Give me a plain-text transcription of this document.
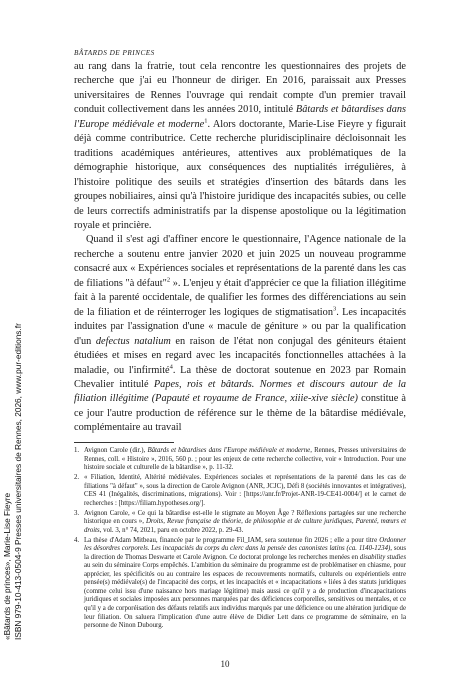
BÂTARDS DE PRINCES

au rang dans la fratrie, tout cela rencontre les questionnaires des projets de recherche que j'ai eu l'honneur de diriger. En 2016, paraissait aux Presses universitaires de Rennes l'ouvrage qui rendait compte d'un premier travail conduit collectivement dans les années 2010, intitulé Bâtards et bâtardises dans l'Europe médiévale et moderne$^1$. Alors doctorante, Marie-Lise Fieyre y figurait déjà comme contributrice. Cette recherche pluridisciplinaire décloisonnait les traditions académiques antérieures, attentives aux problématiques de la démographie historique, aux conséquences des nuptialités irrégulières, à l'histoire politique des seuils et stratégies d'insertion des bâtards dans les groupes nobiliaires, ainsi qu'à l'histoire juridique des incapacités subies, ou celle de leurs correctifs administratifs par la dispense apostolique ou la légitimation royale et princière.

Quand il s'est agi d'affiner encore le questionnaire, l'Agence nationale de la recherche a soutenu entre janvier 2020 et juin 2025 un nouveau programme consacré aux « Expériences sociales et représentations de la parenté dans les cas de filiations "à défaut"$^2$ ». L'enjeu y était d'apprécier ce que la filiation illégitime fait à la parenté occidentale, de qualifier les formes des différenciations au sein de la filiation et de réinterroger les logiques de stigmatisation$^3$. Les incapacités induites par l'assignation d'une « macule de géniture » ou par la qualification d'un defectus natalium en raison de l'état non conjugal des géniteurs étaient étudiées et mises en regard avec les incapacités fonctionnelles attachées à la maladie, ou l'infirmité$^4$. La thèse de doctorat soutenue en 2023 par Romain Chevalier intitulé Papes, rois et bâtards. Normes et discours autour de la filiation illégitime (Papauté et royaume de France, xiiie-xive siècle) constitue à ce jour l'autre production de référence sur le thème de la bâtardise médiévale, complémentaire au travail

1. Avignon Carole (dir.), Bâtards et bâtardises dans l'Europe médiévale et moderne, Rennes, Presses universitaires de Rennes, coll. « Histoire », 2016, 560 p. ; pour les enjeux de cette recherche collective, voir « Introduction. Pour une histoire sociale et culturelle de la bâtardise », p. 11-32.

2. « Filiation, Identité, Altérité médiévales. Expériences sociales et représentations de la parenté dans les cas de filiations "à défaut" », sous la direction de Carole Avignon (ANR, JCJC), Défi 8 (sociétés innovantes et intégratives), CES 41 (Inégalités, discriminations, migrations). Voir : [https://anr.fr/Projet-ANR-19-CE41-0004/] et le carnet de recherches : [https://filiam.hypotheses.org/].

3. Avignon Carole, « Ce qui la bâtardise est-elle le stigmate au Moyen Âge ? Réflexions partagées sur une recherche historique en cours », Droits, Revue française de théorie, de philosophie et de culture juridiques, Parenté, mœurs et droits, vol. 3, n° 74, 2021, paru en octobre 2022, p. 29-43.

4. La thèse d'Adam Mitbeau, financée par le programme Fil_IAM, sera soutenue fin 2026 ; elle a pour titre Ordonner les désordres corporels. Les incapacités du corps du clerc dans la pensée des canonistes latins (ca. 1140-1234), sous la direction de Thomas Deswarte et Carole Avignon. Ce doctorat prolonge les recherches menées en disability studies au sein du séminaire Corps empêchés. L'ambition du séminaire du programme est de problématiser en chiasme, pour apprécier, les spécificités ou au contraire les espaces de recouvrements normatifs, culturels ou expérientiels entre pensée(s) médiévale(s) de l'incapacité des corps, et les incapacités et « incapacitations » liées à des statuts juridiques (comme celui issu d'une naissance hors mariage légitime) mais aussi ce qu'il y a de production d'incapacitations juridiques et sociales imposées aux personnes marquées par des déficiences corporelles, sensitives ou mentales, et ce qu'il y a de corporéisation des défauts relatifs aux individus marqués par une déficience ou une altération juridique de leur filiation. On saluera l'implication d'une autre élève de Didier Lett dans ce programme de séminaire, en la personne de Ninon Dubourg.

10
«Bâtards de princes», Marie-Lise Fieyre ISBN 979-10-413-0504-9 Presses universitaires de Rennes, 2026, www.pur-editions.fr
